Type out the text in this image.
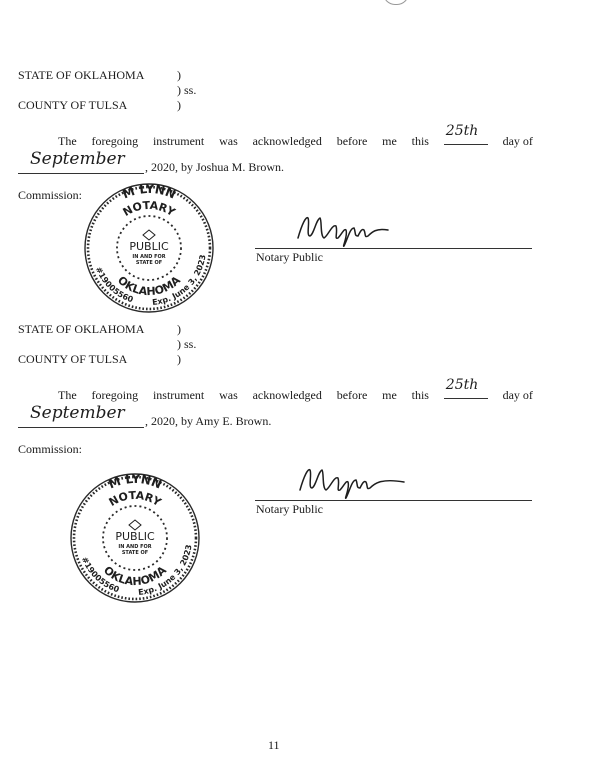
STATE OF OKLAHOMA	)
) ss.
COUNTY OF TULSA	)
The foregoing instrument was acknowledged before me this
25th
day of
September , 2020, by Joshua M. Brown.
Commission:	M LYNN
NOTARY
OKLAHOMA
#19005560 Exp. June 3, 2023
PUBLIC
IN AND FOR
STATE OF	Notary Public
STATE OF OKLAHOMA	)
) ss.
COUNTY OF TULSA	)
The foregoing instrument was acknowledged before me this
25th
day of
September , 2020, by Amy E. Brown.
Commission:
M LYNN
NOTARY
OKLAHOMA
#19005560 Exp. June 3, 2023
PUBLIC
IN AND FOR
STATE OF
Notary Public
11
